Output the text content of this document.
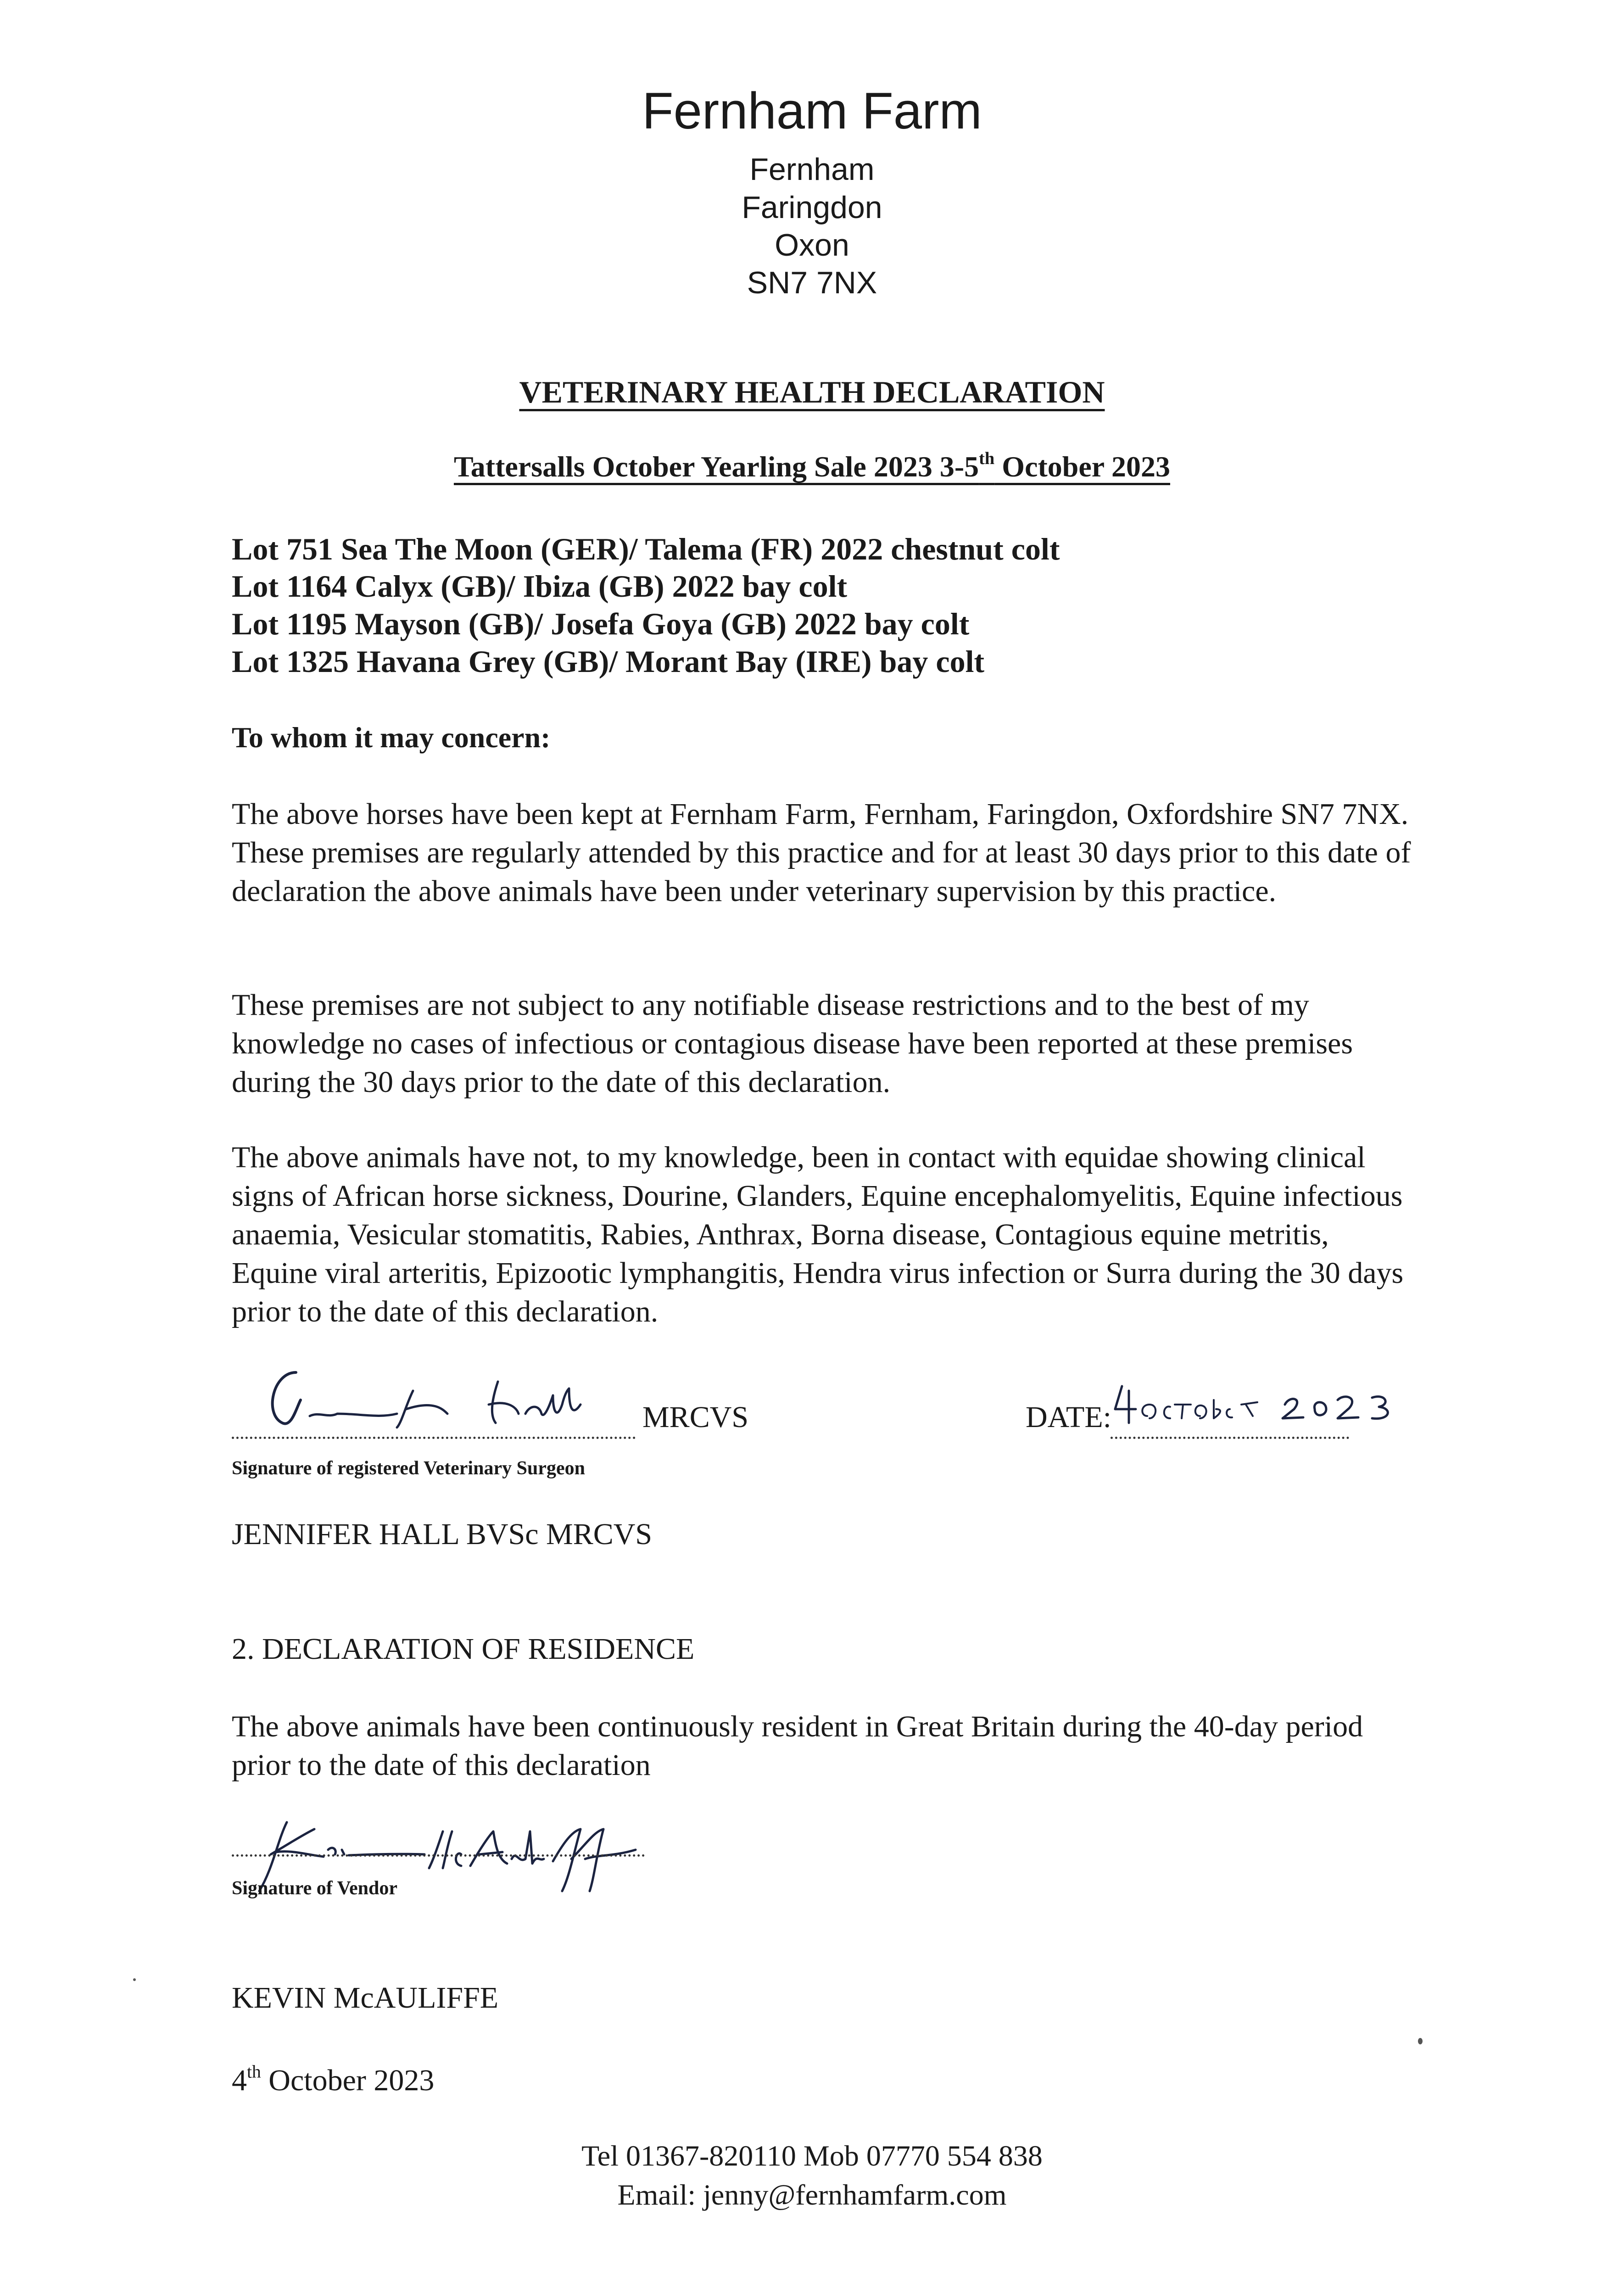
Fernham Farm
Fernham
Faringdon
Oxon
SN7 7NX
VETERINARY HEALTH DECLARATION
Tattersalls October Yearling Sale 2023 3-5th October 2023
Lot 751 Sea The Moon (GER)/ Talema (FR) 2022 chestnut colt
Lot 1164 Calyx (GB)/ Ibiza (GB) 2022 bay colt
Lot 1195 Mayson (GB)/ Josefa Goya (GB) 2022 bay colt
Lot 1325 Havana Grey (GB)/ Morant Bay (IRE) bay colt
To whom it may concern:
The above horses have been kept at Fernham Farm, Fernham, Faringdon, Oxfordshire SN7 7NX. These premises are regularly attended by this practice and for at least 30 days prior to this date of declaration the above animals have been under veterinary supervision by this practice.
These premises are not subject to any notifiable disease restrictions and to the best of my knowledge no cases of infectious or contagious disease have been reported at these premises during the 30 days prior to the date of this declaration.
The above animals have not, to my knowledge, been in contact with equidae showing clinical signs of African horse sickness, Dourine, Glanders, Equine encephalomyelitis, Equine infectious anaemia, Vesicular stomatitis, Rabies, Anthrax, Borna disease, Contagious equine metritis, Equine viral arteritis, Epizootic lymphangitis, Hendra virus infection or Surra during the 30 days prior to the date of this declaration.
MRCVS
Signature of registered Veterinary Surgeon
DATE:
JENNIFER HALL BVSc MRCVS
2. DECLARATION OF RESIDENCE
The above animals have been continuously resident in Great Britain during the 40-day period prior to the date of this declaration
Signature of Vendor
KEVIN McAULIFFE
4th October 2023
Tel 01367-820110 Mob 07770 554 838
Email: jenny@fernhamfarm.com
